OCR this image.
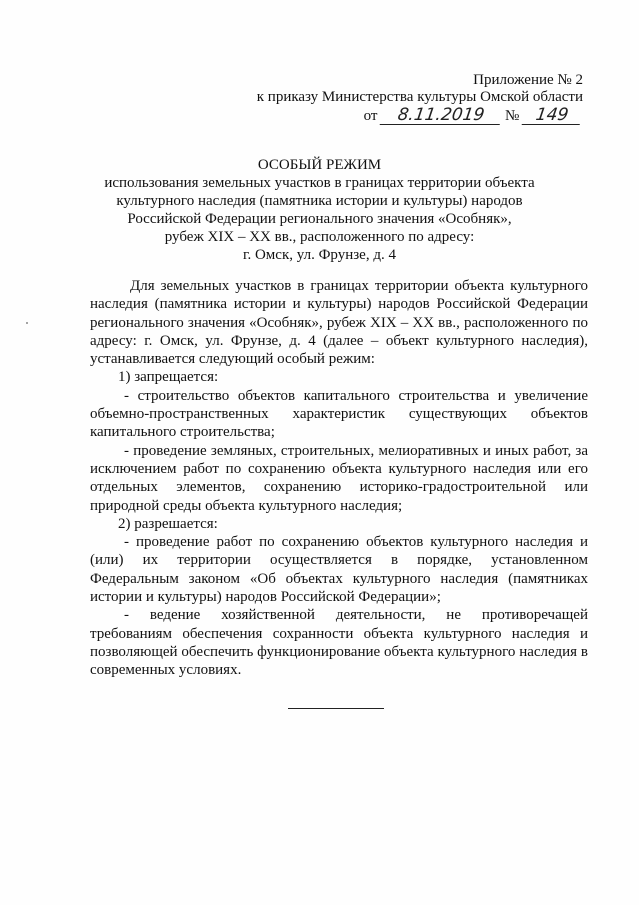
Приложение № 2
к приказу Министерства культуры Омской области
от 8.11.2019 № 149
ОСОБЫЙ РЕЖИМ
использования земельных участков в границах территории объекта
культурного наследия (памятника истории и культуры) народов
Российской Федерации регионального значения «Особняк»,
рубеж XIX – XX вв., расположенного по адресу:
г. Омск, ул. Фрунзе, д. 4

Для земельных участков в границах территории объекта культурного наследия (памятника истории и культуры) народов Российской Федерации регионального значения «Особняк», рубеж XIX – XX вв., расположенного по адресу: г. Омск, ул. Фрунзе, д. 4 (далее – объект культурного наследия), устанавливается следующий особый режим:

1) запрещается:

- строительство объектов капитального строительства и увеличение объемно-пространственных характеристик существующих объектов капитального строительства;

- проведение земляных, строительных, мелиоративных и иных работ, за исключением работ по сохранению объекта культурного наследия или его отдельных элементов, сохранению историко-градостроительной или природной среды объекта культурного наследия;

2) разрешается:

- проведение работ по сохранению объектов культурного наследия и (или) их территории осуществляется в порядке, установленном Федеральным законом «Об объектах культурного наследия (памятниках истории и культуры) народов Российской Федерации»;

- ведение хозяйственной деятельности, не противоречащей требованиям обеспечения сохранности объекта культурного наследия и позволяющей обеспечить функционирование объекта культурного наследия в современных условиях.
